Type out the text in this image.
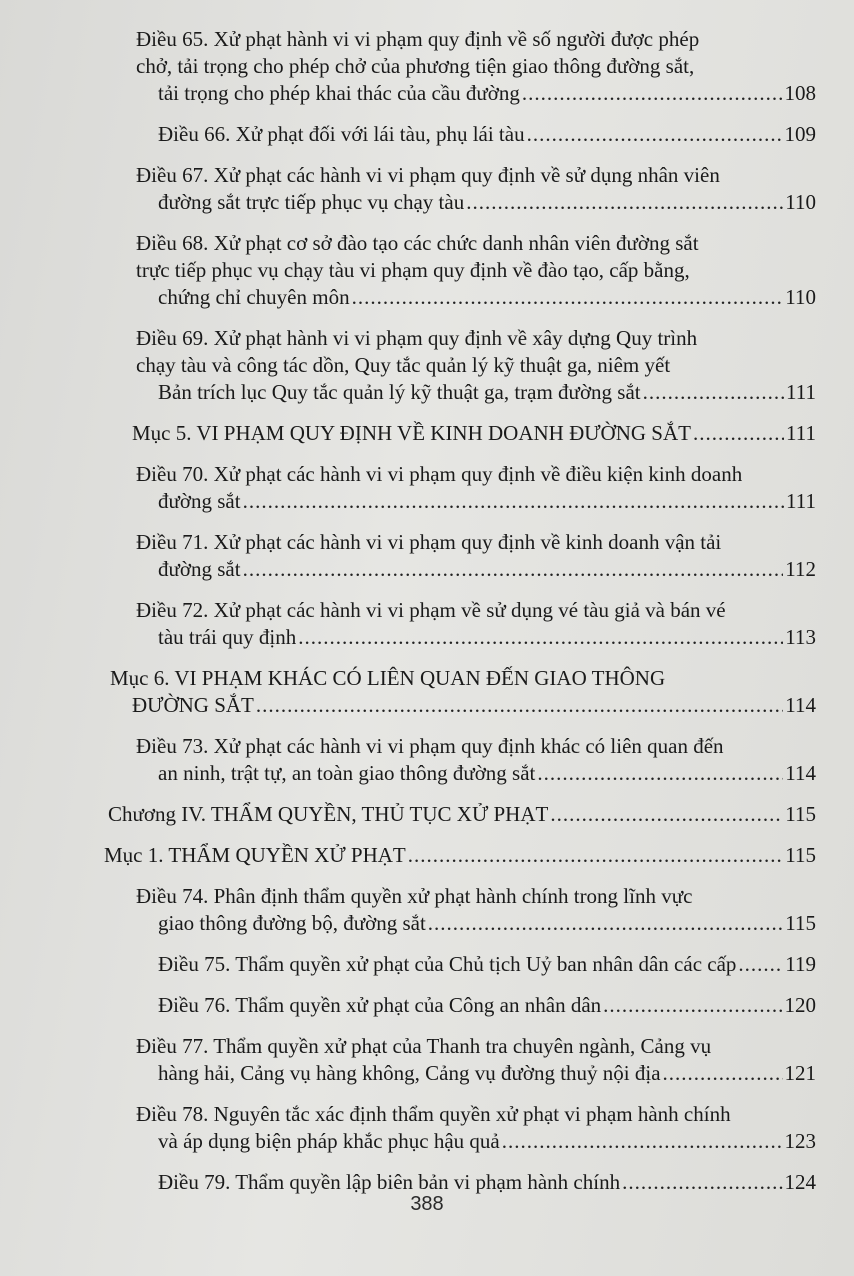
Điều 65. Xử phạt hành vi vi phạm quy định về số người được phép
chở, tải trọng cho phép chở của phương tiện giao thông đường sắt,
tải trọng cho phép khai thác của cầu đường .....	108
Điều 66. Xử phạt đối với lái tàu, phụ lái tàu .....	109
Điều 67. Xử phạt các hành vi vi phạm quy định về sử dụng nhân viên
đường sắt trực tiếp phục vụ chạy tàu .....	110
Điều 68. Xử phạt cơ sở đào tạo các chức danh nhân viên đường sắt
trực tiếp phục vụ chạy tàu vi phạm quy định về đào tạo, cấp bằng,
chứng chỉ chuyên môn .....	110
Điều 69. Xử phạt hành vi vi phạm quy định về xây dựng Quy trình
chạy tàu và công tác dồn, Quy tắc quản lý kỹ thuật ga, niêm yết
Bản trích lục Quy tắc quản lý kỹ thuật ga, trạm đường sắt .....	111
Mục 5. VI PHẠM QUY ĐỊNH VỀ KINH DOANH ĐƯỜNG SẮT .....	111
Điều 70. Xử phạt các hành vi vi phạm quy định về điều kiện kinh doanh
đường sắt .....	111
Điều 71. Xử phạt các hành vi vi phạm quy định về kinh doanh vận tải
đường sắt .....	112
Điều 72. Xử phạt các hành vi vi phạm về sử dụng vé tàu giả và bán vé
tàu trái quy định .....	113
Mục 6. VI PHẠM KHÁC CÓ LIÊN QUAN ĐẾN GIAO THÔNG
ĐƯỜNG SẮT .....	114
Điều 73. Xử phạt các hành vi vi phạm quy định khác có liên quan đến
an ninh, trật tự, an toàn giao thông đường sắt .....	114
Chương IV. THẨM QUYỀN, THỦ TỤC XỬ PHẠT .....	115
Mục 1. THẨM QUYỀN XỬ PHẠT .....	115
Điều 74. Phân định thẩm quyền xử phạt hành chính trong lĩnh vực
giao thông đường bộ, đường sắt .....	115
Điều 75. Thẩm quyền xử phạt của Chủ tịch Uỷ ban nhân dân các cấp ..... 119
Điều 76. Thẩm quyền xử phạt của Công an nhân dân .....	120
Điều 77. Thẩm quyền xử phạt của Thanh tra chuyên ngành, Cảng vụ
hàng hải, Cảng vụ hàng không, Cảng vụ đường thuỷ nội địa .....	121
Điều 78. Nguyên tắc xác định thẩm quyền xử phạt vi phạm hành chính
và áp dụng biện pháp khắc phục hậu quả .....	123
Điều 79. Thẩm quyền lập biên bản vi phạm hành chính .....	124
388
